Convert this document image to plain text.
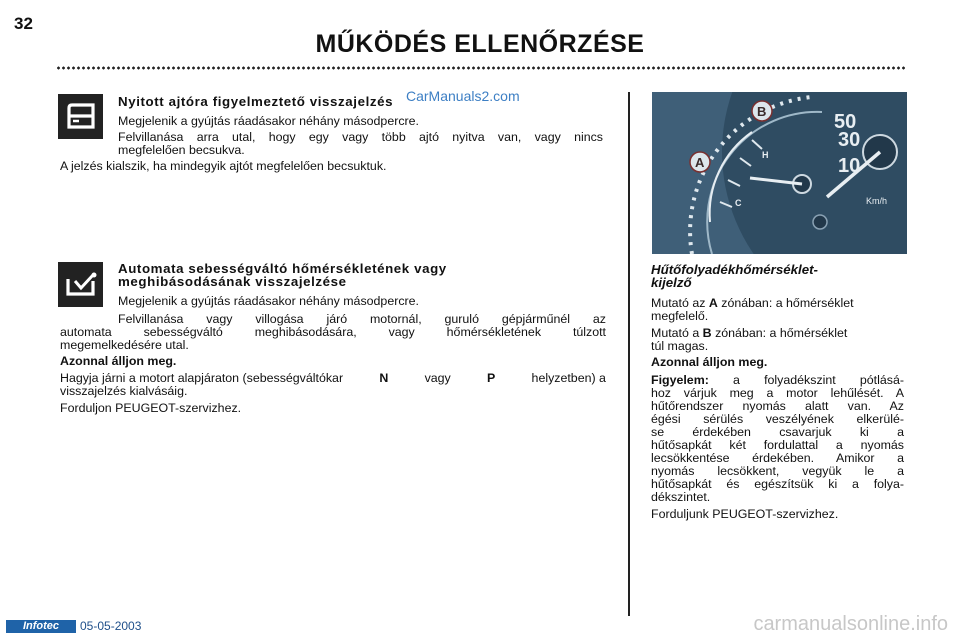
32
MŰKÖDÉS ELLENŐRZÉSE
Nyitott ajtóra figyelmeztető visszajelzés CarManuals2.com
Megjelenik a gyújtás ráadásakor néhány másodpercre.
Felvillanása arra utal, hogy egy vagy több ajtó nyitva van, vagy nincs
megfelelően becsukva.
A jelzés kialszik, ha mindegyik ajtót megfelelően becsuktuk.
Automata sebességváltó hőmérsékletének vagy
meghibásodásának visszajelzése
Megjelenik a gyújtás ráadásakor néhány másodpercre.
Felvillanása vagy villogása járó motornál, guruló gépjárműnél az
automata sebességváltó meghibásodására, vagy hőmérsékletének túlzott
megemelkedésére utal.
Azonnal álljon meg.
Hagyja járni a motort alapjáraton (sebességváltókar	N	vagy	P	helyzetben) a
visszajelzés kialvásáig.
Forduljon PEUGEOT-szervizhez.
50
30
10
Km/h
H
C
B
A
Hűtőfolyadékhőmérséklet-
kijelző
Mutató az A zónában: a hőmérséklet
megfelelő.
Mutató a B zónában: a hőmérséklet
túl magas.
Azonnal álljon meg.
Figyelem: a folyadékszint pótlásá-
hoz várjuk meg a motor lehűlését. A
hűtőrendszer nyomás alatt van. Az
égési sérülés veszélyének elkerülé-
se érdekében csavarjuk ki a
hűtősapkát két fordulattal a nyomás
lecsökkentése érdekében. Amikor a
nyomás lecsökkent, vegyük le a
hűtősapkát és egészítsük ki a folya-
dékszintet.
Forduljunk PEUGEOT-szervizhez.
Infotec	05-05-2003	carmanualsonline.info
